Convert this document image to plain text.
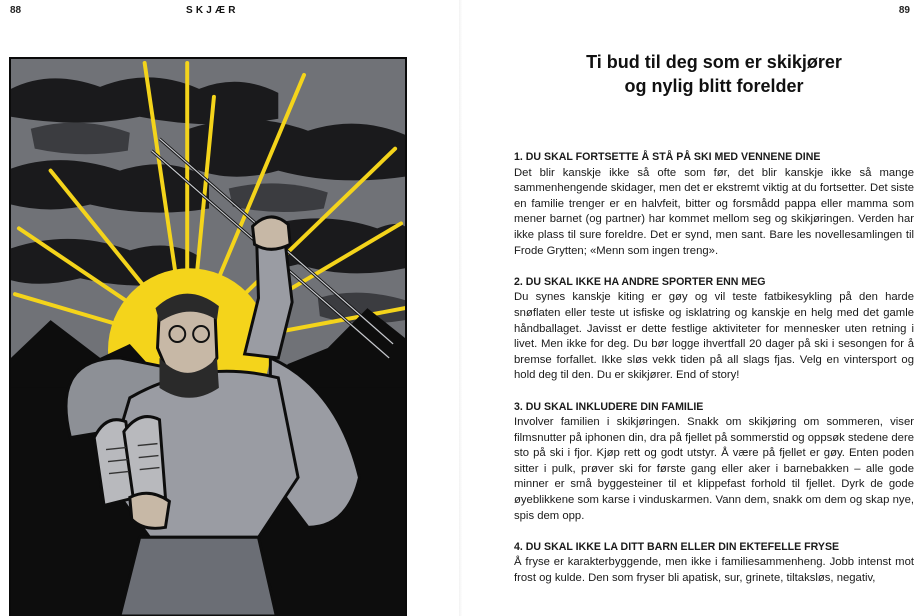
88	SKJÆR	89
Ti bud til deg som er skikjører
og nylig blitt forelder
1. DU SKAL FORTSETTE Å STÅ PÅ SKI MED VENNENE DINE

Det blir kanskje ikke så ofte som før, det blir kanskje ikke så mange sammenhengende skidager, men det er ekstremt viktig at du fortsetter. Det siste en familie trenger er en halvfeit, bitter og forsmådd pappa eller mamma som mener barnet (og partner) har kommet mellom seg og skikjøringen. Verden har ikke plass til sure foreldre. Det er synd, men sant. Bare les novellesamlingen til Frode Grytten; «Menn som ingen treng».

2. DU SKAL IKKE HA ANDRE SPORTER ENN MEG

Du synes kanskje kiting er gøy og vil teste fatbikesykling på den harde snøflaten eller teste ut isfiske og isklatring og kanskje en helg med det gamle håndballaget. Javisst er dette festlige aktiviteter for mennesker uten retning i livet. Men ikke for deg. Du bør logge ihvertfall 20 dager på ski i sesongen for å bremse forfallet. Ikke sløs vekk tiden på all slags fjas. Velg en vintersport og hold deg til den. Du er skikjører. End of story!

3. DU SKAL INKLUDERE DIN FAMILIE

Involver familien i skikjøringen. Snakk om skikjøring om sommeren, viser filmsnutter på iphonen din, dra på fjellet på sommerstid og oppsøk stedene dere sto på ski i fjor. Kjøp rett og godt utstyr. Å være på fjellet er gøy. Enten poden sitter i pulk, prøver ski for første gang eller aker i barnebakken – alle gode minner er små byggesteiner til et klippefast forhold til fjellet. Dyrk de gode øyeblikkene som karse i vinduskarmen. Vann dem, snakk om dem og skap nye, spis dem opp.

4. DU SKAL IKKE LA DITT BARN ELLER DIN EKTEFELLE FRYSE

Å fryse er karakterbyggende, men ikke i familiesammenheng. Jobb intenst mot frost og kulde. Den som fryser bli apatisk, sur, grinete, tiltaksløs, negativ,
